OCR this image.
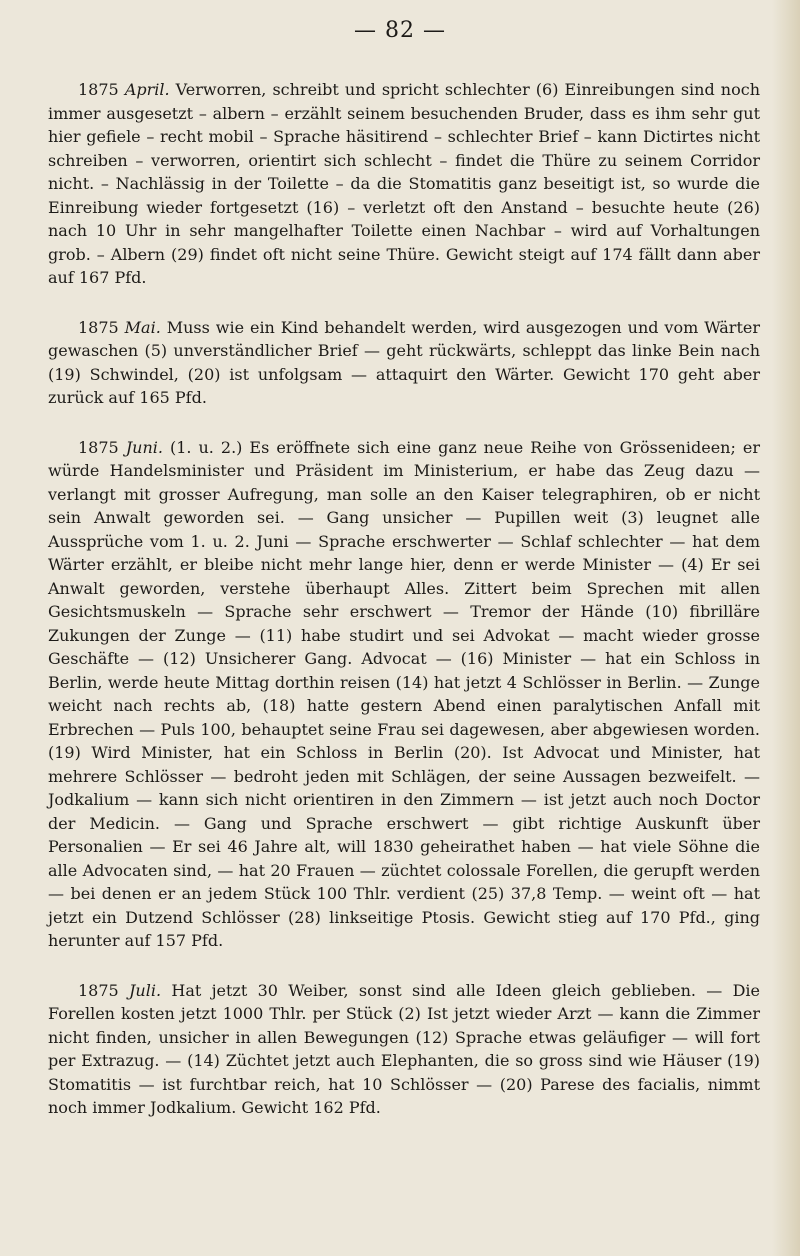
— 82 —

1875 April. Verworren, schreibt und spricht schlechter (6) Einreibungen sind noch immer ausgesetzt – albern – erzählt seinem besuchenden Bruder, dass es ihm sehr gut hier gefiele – recht mobil – Sprache häsitirend – schlechter Brief – kann Dictirtes nicht schreiben – verworren, orientirt sich schlecht – findet die Thüre zu seinem Corridor nicht. – Nachlässig in der Toilette – da die Stomatitis ganz beseitigt ist, so wurde die Einreibung wieder fortgesetzt (16) – verletzt oft den Anstand – besuchte heute (26) nach 10 Uhr in sehr mangelhafter Toilette einen Nachbar – wird auf Vorhaltungen grob. – Albern (29) findet oft nicht seine Thüre. Gewicht steigt auf 174 fällt dann aber auf 167 Pfd.

1875 Mai. Muss wie ein Kind behandelt werden, wird ausgezogen und vom Wärter gewaschen (5) unverständlicher Brief — geht rückwärts, schleppt das linke Bein nach (19) Schwindel, (20) ist unfolgsam — attaquirt den Wärter. Gewicht 170 geht aber zurück auf 165 Pfd.

1875 Juni. (1. u. 2.) Es eröffnete sich eine ganz neue Reihe von Grössenideen; er würde Handelsminister und Präsident im Ministerium, er habe das Zeug dazu — verlangt mit grosser Aufregung, man solle an den Kaiser telegraphiren, ob er nicht sein Anwalt geworden sei. — Gang unsicher — Pupillen weit (3) leugnet alle Aussprüche vom 1. u. 2. Juni — Sprache erschwerter — Schlaf schlechter — hat dem Wärter erzählt, er bleibe nicht mehr lange hier, denn er werde Minister — (4) Er sei Anwalt geworden, verstehe überhaupt Alles. Zittert beim Sprechen mit allen Gesichtsmuskeln — Sprache sehr erschwert — Tremor der Hände (10) fibrilläre Zukungen der Zunge — (11) habe studirt und sei Advokat — macht wieder grosse Geschäfte — (12) Unsicherer Gang. Advocat — (16) Minister — hat ein Schloss in Berlin, werde heute Mittag dorthin reisen (14) hat jetzt 4 Schlösser in Berlin. — Zunge weicht nach rechts ab, (18) hatte gestern Abend einen paralytischen Anfall mit Erbrechen — Puls 100, behauptet seine Frau sei dagewesen, aber abgewiesen worden. (19) Wird Minister, hat ein Schloss in Berlin (20). Ist Advocat und Minister, hat mehrere Schlösser — bedroht jeden mit Schlägen, der seine Aussagen bezweifelt. — Jodkalium — kann sich nicht orientiren in den Zimmern — ist jetzt auch noch Doctor der Medicin. — Gang und Sprache erschwert — gibt richtige Auskunft über Personalien — Er sei 46 Jahre alt, will 1830 geheirathet haben — hat viele Söhne die alle Advocaten sind, — hat 20 Frauen — züchtet colossale Forellen, die gerupft werden — bei denen er an jedem Stück 100 Thlr. verdient (25) 37,8 Temp. — weint oft — hat jetzt ein Dutzend Schlösser (28) linkseitige Ptosis. Gewicht stieg auf 170 Pfd., ging herunter auf 157 Pfd.

1875 Juli. Hat jetzt 30 Weiber, sonst sind alle Ideen gleich geblieben. — Die Forellen kosten jetzt 1000 Thlr. per Stück (2) Ist jetzt wieder Arzt — kann die Zimmer nicht finden, unsicher in allen Bewegungen (12) Sprache etwas geläufiger — will fort per Extrazug. — (14) Züchtet jetzt auch Elephanten, die so gross sind wie Häuser (19) Stomatitis — ist furchtbar reich, hat 10 Schlösser — (20) Parese des facialis, nimmt noch immer Jodkalium. Gewicht 162 Pfd.
